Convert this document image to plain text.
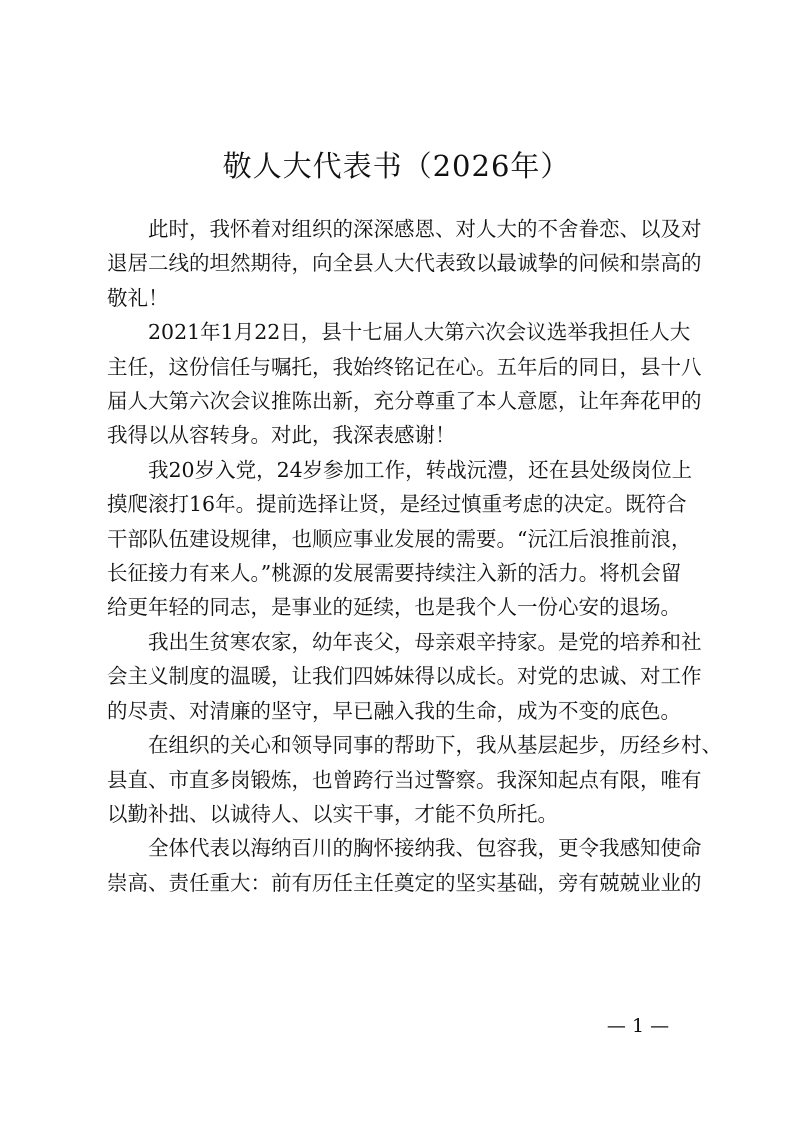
敬人大代表书（2026年）

此时，我怀着对组织的深深感恩、对人大的不舍眷恋、以及对
退居二线的坦然期待，向全县人大代表致以最诚挚的问候和崇高的
敬礼！

2021年1月22日，县十七届人大第六次会议选举我担任人大
主任，这份信任与嘱托，我始终铭记在心。五年后的同日，县十八
届人大第六次会议推陈出新，充分尊重了本人意愿，让年奔花甲的
我得以从容转身。对此，我深表感谢！

我20岁入党，24岁参加工作，转战沅澧，还在县处级岗位上
摸爬滚打16年。提前选择让贤，是经过慎重考虑的决定。既符合
干部队伍建设规律，也顺应事业发展的需要。“沅江后浪推前浪，
长征接力有来人。”桃源的发展需要持续注入新的活力。将机会留
给更年轻的同志，是事业的延续，也是我个人一份心安的退场。

我出生贫寒农家，幼年丧父，母亲艰辛持家。是党的培养和社
会主义制度的温暖，让我们四姊妹得以成长。对党的忠诚、对工作
的尽责、对清廉的坚守，早已融入我的生命，成为不变的底色。

在组织的关心和领导同事的帮助下，我从基层起步，历经乡村、
县直、市直多岗锻炼，也曾跨行当过警察。我深知起点有限，唯有
以勤补拙、以诚待人、以实干事，才能不负所托。

全体代表以海纳百川的胸怀接纳我、包容我，更令我感知使命
崇高、责任重大：前有历任主任奠定的坚实基础，旁有兢兢业业的

— 1 —
